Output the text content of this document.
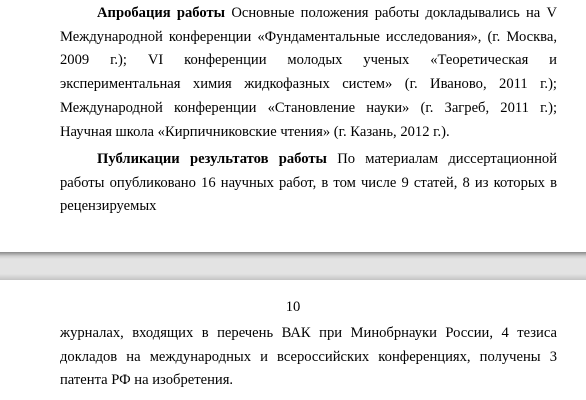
Апробация работы Основные положения работы докладывались на V Международной конференции «Фундаментальные исследования», (г. Москва, 2009 г.); VI конференции молодых ученых «Теоретическая и экспериментальная химия жидкофазных систем» (г. Иваново, 2011 г.); Международной конференции «Становление науки» (г. Загреб, 2011 г.); Научная школа «Кирпичниковские чтения» (г. Казань, 2012 г.).

Публикации результатов работы По материалам диссертационной работы опубликовано 16 научных работ, в том числе 9 статей, 8 из которых в рецензируемых

10

журналах, входящих в перечень ВАК при Минобрнауки России, 4 тезиса докладов на международных и всероссийских конференциях, получены 3 патента РФ на изобретения.
